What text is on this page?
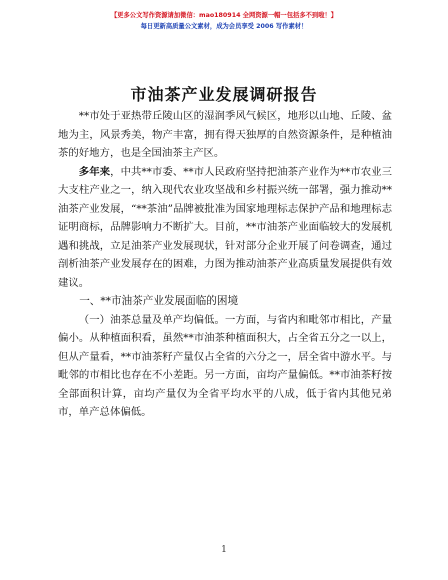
【更多公文写作资源请加微信：mao180914 全网资源一帽一包括多不到啦！】
每日更新高质量公文素材，成为会员享受 2006 写作素材！
市油茶产业发展调研报告

**市处于亚热带丘陵山区的湿润季风气候区，地形以山地、丘陵、盆地为主，风景秀美，物产丰富，拥有得天独厚的自然资源条件，是种植油茶的好地方，也是全国油茶主产区。

多年来，中共**市委、**市人民政府坚持把油茶产业作为**市农业三大支柱产业之一，纳入现代农业攻坚战和乡村振兴统一部署，强力推动**油茶产业发展，“**茶油”品牌被批准为国家地理标志保护产品和地理标志证明商标，品牌影响力不断扩大。目前，**市油茶产业面临较大的发展机遇和挑战，立足油茶产业发展现状，针对部分企业开展了问卷调查，通过剖析油茶产业发展存在的困难，力图为推动油茶产业高质量发展提供有效建议。

一、**市油茶产业发展面临的困境

（一）油茶总量及单产均偏低。一方面，与省内和毗邻市相比，产量偏小。从种植面积看，虽然**市油茶种植面积大，占全省五分之一以上，但从产量看，**市油茶籽产量仅占全省的六分之一，居全省中游水平。与毗邻的市相比也存在不小差距。另一方面，亩均产量偏低。**市油茶籽按全部面积计算，亩均产量仅为全省平均水平的八成，低于省内其他兄弟市，单产总体偏低。

1
